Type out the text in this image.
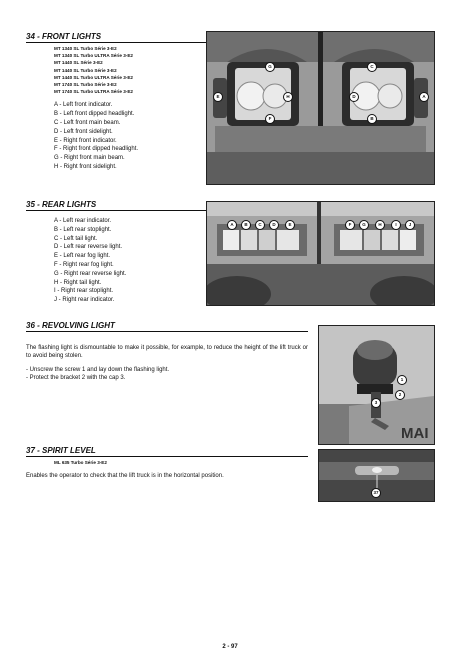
34 - FRONT LIGHTS
MT 1340 SL Turbo Série 3-E2
MT 1340 SL Turbo ULTRA Série 3-E2
MT 1440 SL Série 3-E2
MT 1440 SL Turbo Série 3-E2
MT 1440 SL Turbo ULTRA Série 3-E2
MT 1740 SL Turbo Série 3-E2
MT 1740 SL Turbo ULTRA Série 3-E2
A - Left front indicator.
B - Left front dipped headlight.
C - Left front main beam.
D - Left front sidelight.
E - Right front indicator.
F - Right front dipped headlight.
G - Right front main beam.
H - Right front sidelight.
G
E	H
F
C
D
B
A
35 - REAR LIGHTS
A - Left rear indicator.
B - Left rear stoplight.
C - Left tail light.
D - Left rear reverse light.
E - Left rear fog light.
F - Right rear fog light.
G - Right rear reverse light.
H - Right tail light.
I - Right rear stoplight.
J - Right rear indicator.
A	B	C	D	E	F	G	H	I	J
36 - REVOLVING LIGHT
The flashing light is dismountable to make it possible, for example, to reduce the height of the lift truck or to avoid being stolen.
- Unscrew the screw 1 and lay down the flashing light.
- Protect the bracket 2 with the cap 3.
MAI
1
2
3
37 - SPIRIT LEVEL
ML 635 Turbo Série 3-E2
Enables the operator to check that the lift truck is in the horizontal position.
37
2 - 97
